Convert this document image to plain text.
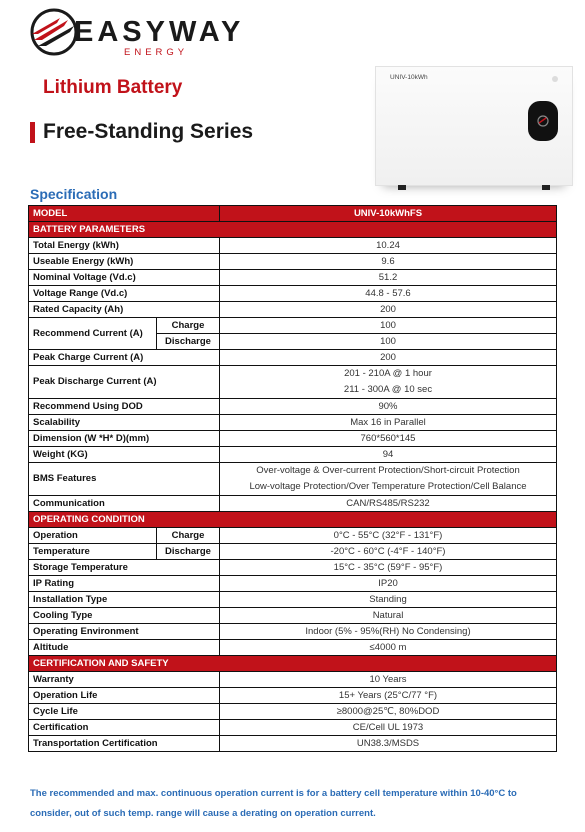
EASYWAY
ENERGY
Lithium Battery
Free-Standing Series
UNIV-10kWh
Specification
MODEL		UNIV-10kWhFS
BATTERY PARAMETERS		
Total Energy (kWh)		10.24
Useable Energy (kWh)		9.6
Nominal Voltage (Vd.c)		51.2
Voltage Range (Vd.c)		44.8 - 57.6
Rated Capacity (Ah)		200
Recommend Current (A)	Charge	100
	Discharge	100
Peak Charge Current (A)		200
Peak Discharge Current (A)		201 - 210A @ 1 hour
211 - 300A @ 10 sec

Recommend Using DOD		90%
Scalability		Max 16 in Parallel
Dimension (W *H* D)(mm)		760*560*145
Weight (KG)		94
BMS Features		Over-voltage & Over-current Protection/Short-circuit Protection
Low-voltage Protection/Over Temperature Protection/Cell Balance

Communication		CAN/RS485/RS232
OPERATING CONDITION		
Operation	Charge	0°C - 55°C (32°F - 131°F)
Temperature	Discharge	-20°C - 60°C (-4°F - 140°F)
Storage Temperature		15°C - 35°C (59°F - 95°F)
IP Rating		IP20
Installation Type		Standing
Cooling Type		Natural
Operating Environment		Indoor (5% - 95%(RH) No Condensing)
Altitude		≤4000 m
CERTIFICATION AND SAFETY		
Warranty		10 Years
Operation Life		15+ Years (25°C/77 °F)
Cycle Life		≥8000@25℃, 80%DOD
Certification		CE/Cell UL 1973
Transportation Certification		UN38.3/MSDS
The recommended and max. continuous operation current is for a battery cell temperature within 10-40°C to consider, out of such temp. range will cause a derating on operation current.
